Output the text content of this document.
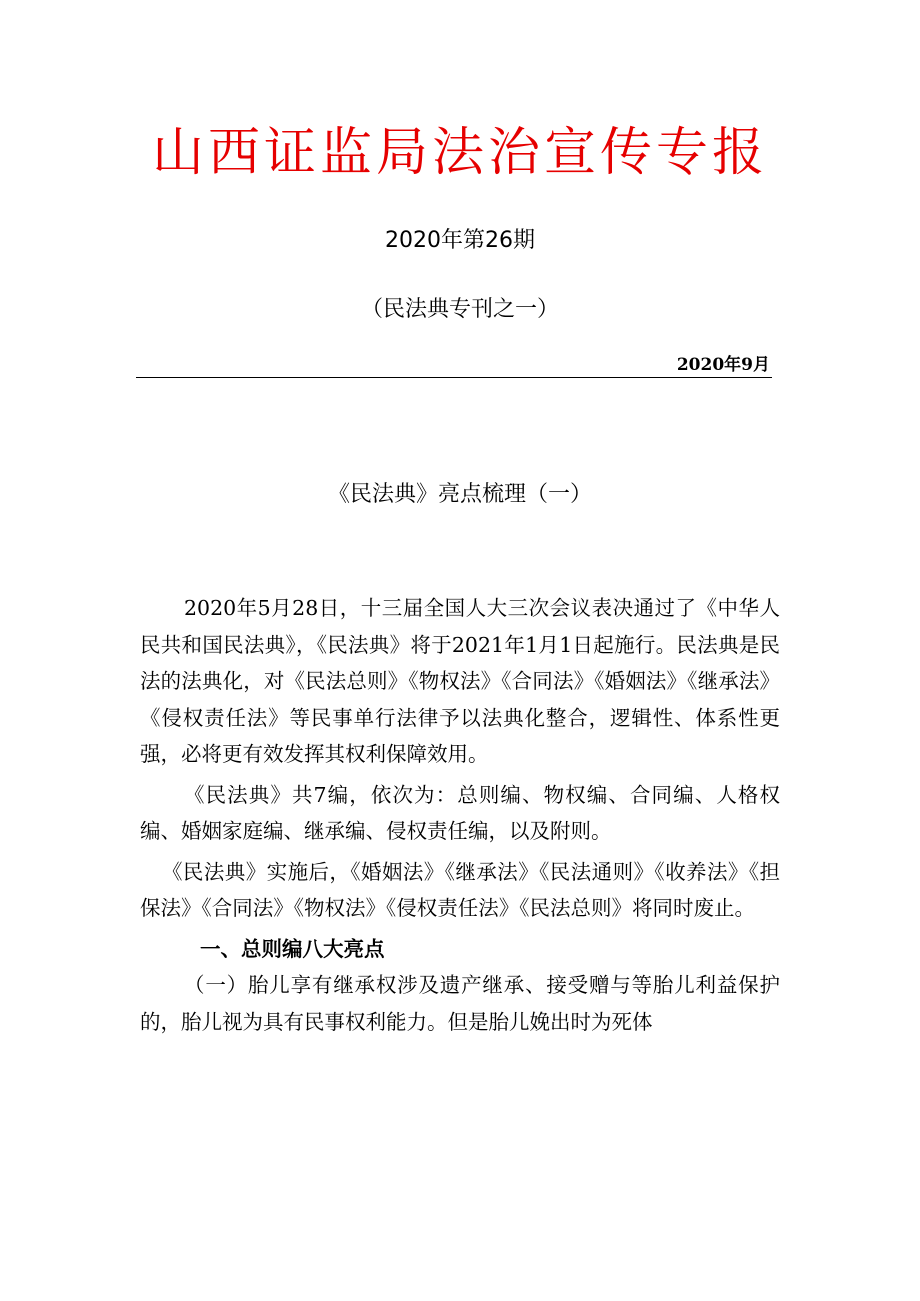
山西证监局法治宣传专报
2020年第26期
（民法典专刊之一）
2020年9月
《民法典》亮点梳理（一）

2020年5月28日，十三届全国人大三次会议表决通过了《中华人民共和国民法典》，《民法典》将于2021年1月1日起施行。民法典是民法的法典化，对《民法总则》《物权法》《合同法》《婚姻法》《继承法》《侵权责任法》等民事单行法律予以法典化整合，逻辑性、体系性更强，必将更有效发挥其权利保障效用。

《民法典》共7编，依次为：总则编、物权编、合同编、人格权编、婚姻家庭编、继承编、侵权责任编，以及附则。

《民法典》实施后，《婚姻法》《继承法》《民法通则》《收养法》《担保法》《合同法》《物权法》《侵权责任法》《民法总则》将同时废止。

一、总则编八大亮点

（一）胎儿享有继承权涉及遗产继承、接受赠与等胎儿利益保护的，胎儿视为具有民事权利能力。但是胎儿娩出时为死体
